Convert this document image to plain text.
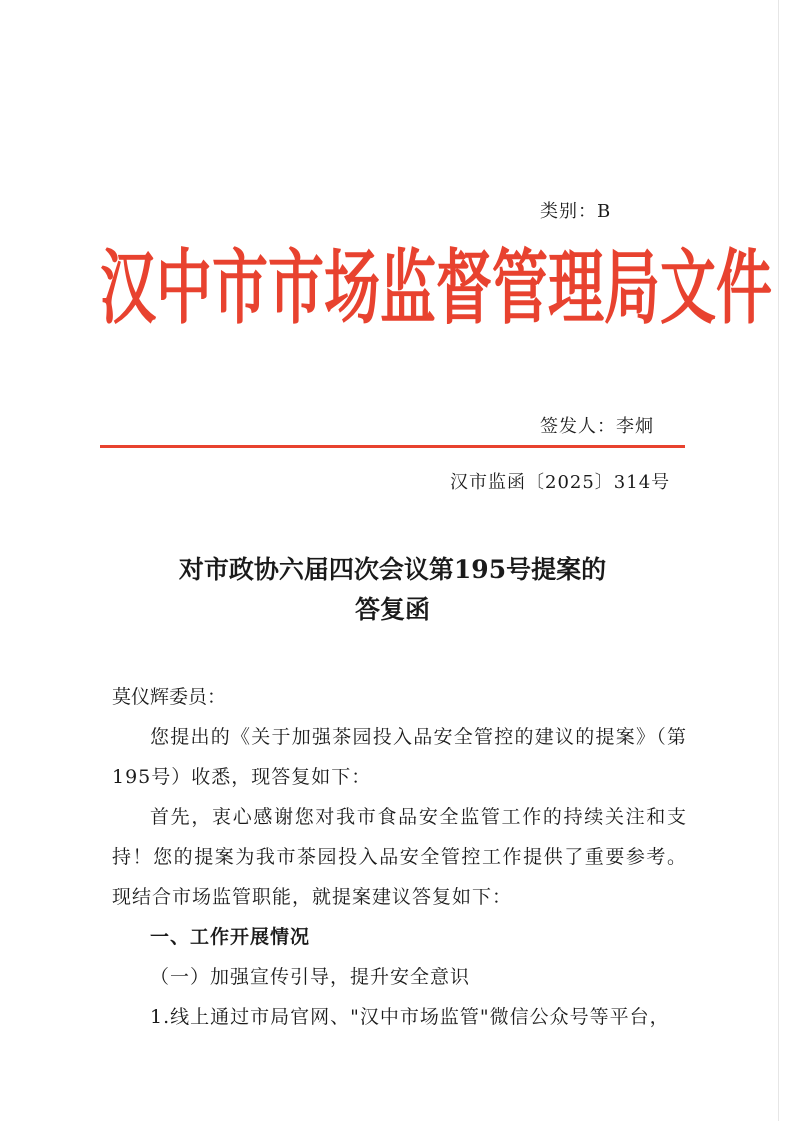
类别：B
汉 中 市 市 场 监 督 管 理 局 文 件
签发人：李炯
汉市监函〔2025〕314号
对市政协六届四次会议第195号提案的
答复函

莫仪辉委员：

您提出的《关于加强茶园投入品安全管控的建议的提案》（第195号）收悉，现答复如下：

首先，衷心感谢您对我市食品安全监管工作的持续关注和支持！您的提案为我市茶园投入品安全管控工作提供了重要参考。现结合市场监管职能，就提案建议答复如下：

一、工作开展情况

（一）加强宣传引导，提升安全意识

1.线上通过市局官网、"汉中市场监管"微信公众号等平台，
